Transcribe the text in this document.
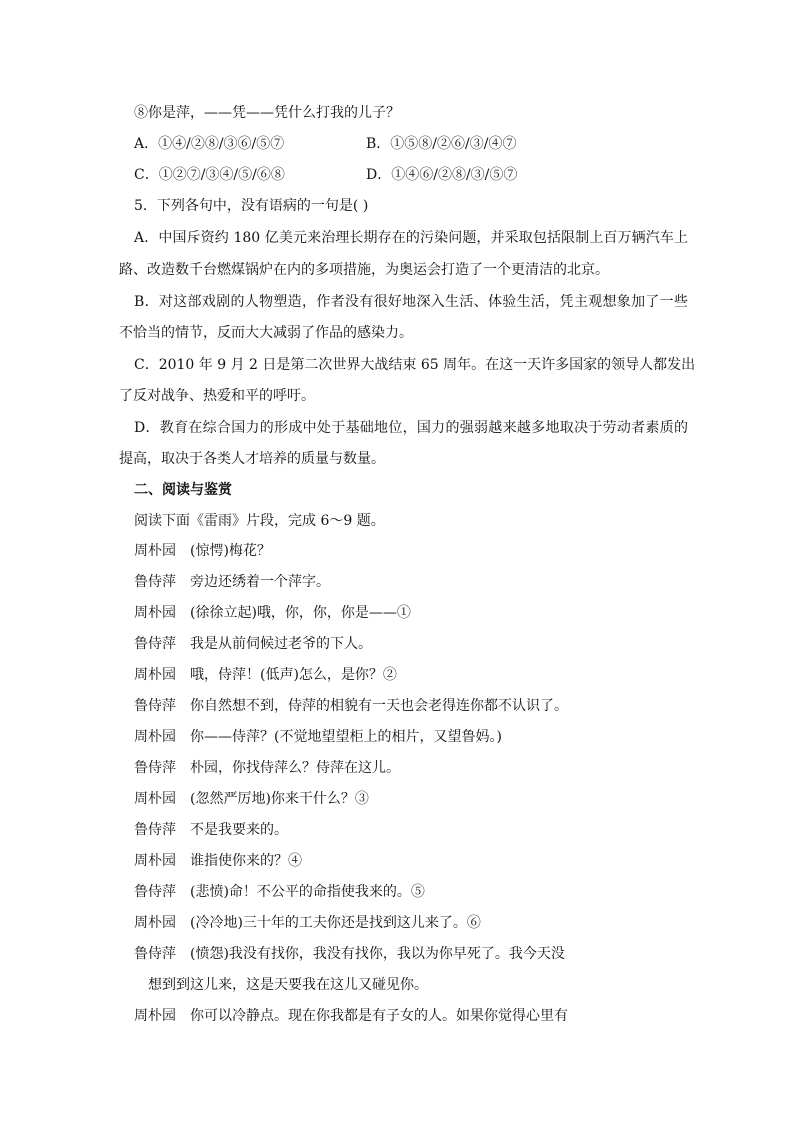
⑧你是萍，——凭——凭什么打我的儿子？
A．①④/②⑧/③⑥/⑤⑦	B．①⑤⑧/②⑥/③/④⑦
C．①②⑦/③④/⑤/⑥⑧	D．①④⑥/②⑧/③/⑤⑦
5．下列各句中，没有语病的一句是( )
A．中国斥资约 180 亿美元来治理长期存在的污染问题，并采取包括限制上百万辆汽车上
路、改造数千台燃煤锅炉在内的多项措施，为奥运会打造了一个更清洁的北京。
B．对这部戏剧的人物塑造，作者没有很好地深入生活、体验生活，凭主观想象加了一些
不恰当的情节，反而大大减弱了作品的感染力。
C．2010 年 9 月 2 日是第二次世界大战结束 65 周年。在这一天许多国家的领导人都发出
了反对战争、热爱和平的呼吁。
D．教育在综合国力的形成中处于基础地位，国力的强弱越来越多地取决于劳动者素质的
提高，取决于各类人才培养的质量与数量。
二、阅读与鉴赏
阅读下面《雷雨》片段，完成 6～9 题。
周朴园 (惊愕)梅花？
鲁侍萍 旁边还绣着一个萍字。
周朴园 (徐徐立起)哦，你，你，你是——①
鲁侍萍 我是从前伺候过老爷的下人。
周朴园 哦，侍萍！(低声)怎么，是你？②
鲁侍萍 你自然想不到，侍萍的相貌有一天也会老得连你都不认识了。
周朴园 你——侍萍？(不觉地望望柜上的相片，又望鲁妈。)
鲁侍萍 朴园，你找侍萍么？侍萍在这儿。
周朴园 (忽然严厉地)你来干什么？③
鲁侍萍 不是我要来的。
周朴园 谁指使你来的？④
鲁侍萍 (悲愤)命！不公平的命指使我来的。⑤
周朴园 (冷冷地)三十年的工夫你还是找到这儿来了。⑥
鲁侍萍 (愤怨)我没有找你，我没有找你，我以为你早死了。我今天没
想到到这儿来，这是天要我在这儿又碰见你。
周朴园 你可以冷静点。现在你我都是有子女的人。如果你觉得心里有
